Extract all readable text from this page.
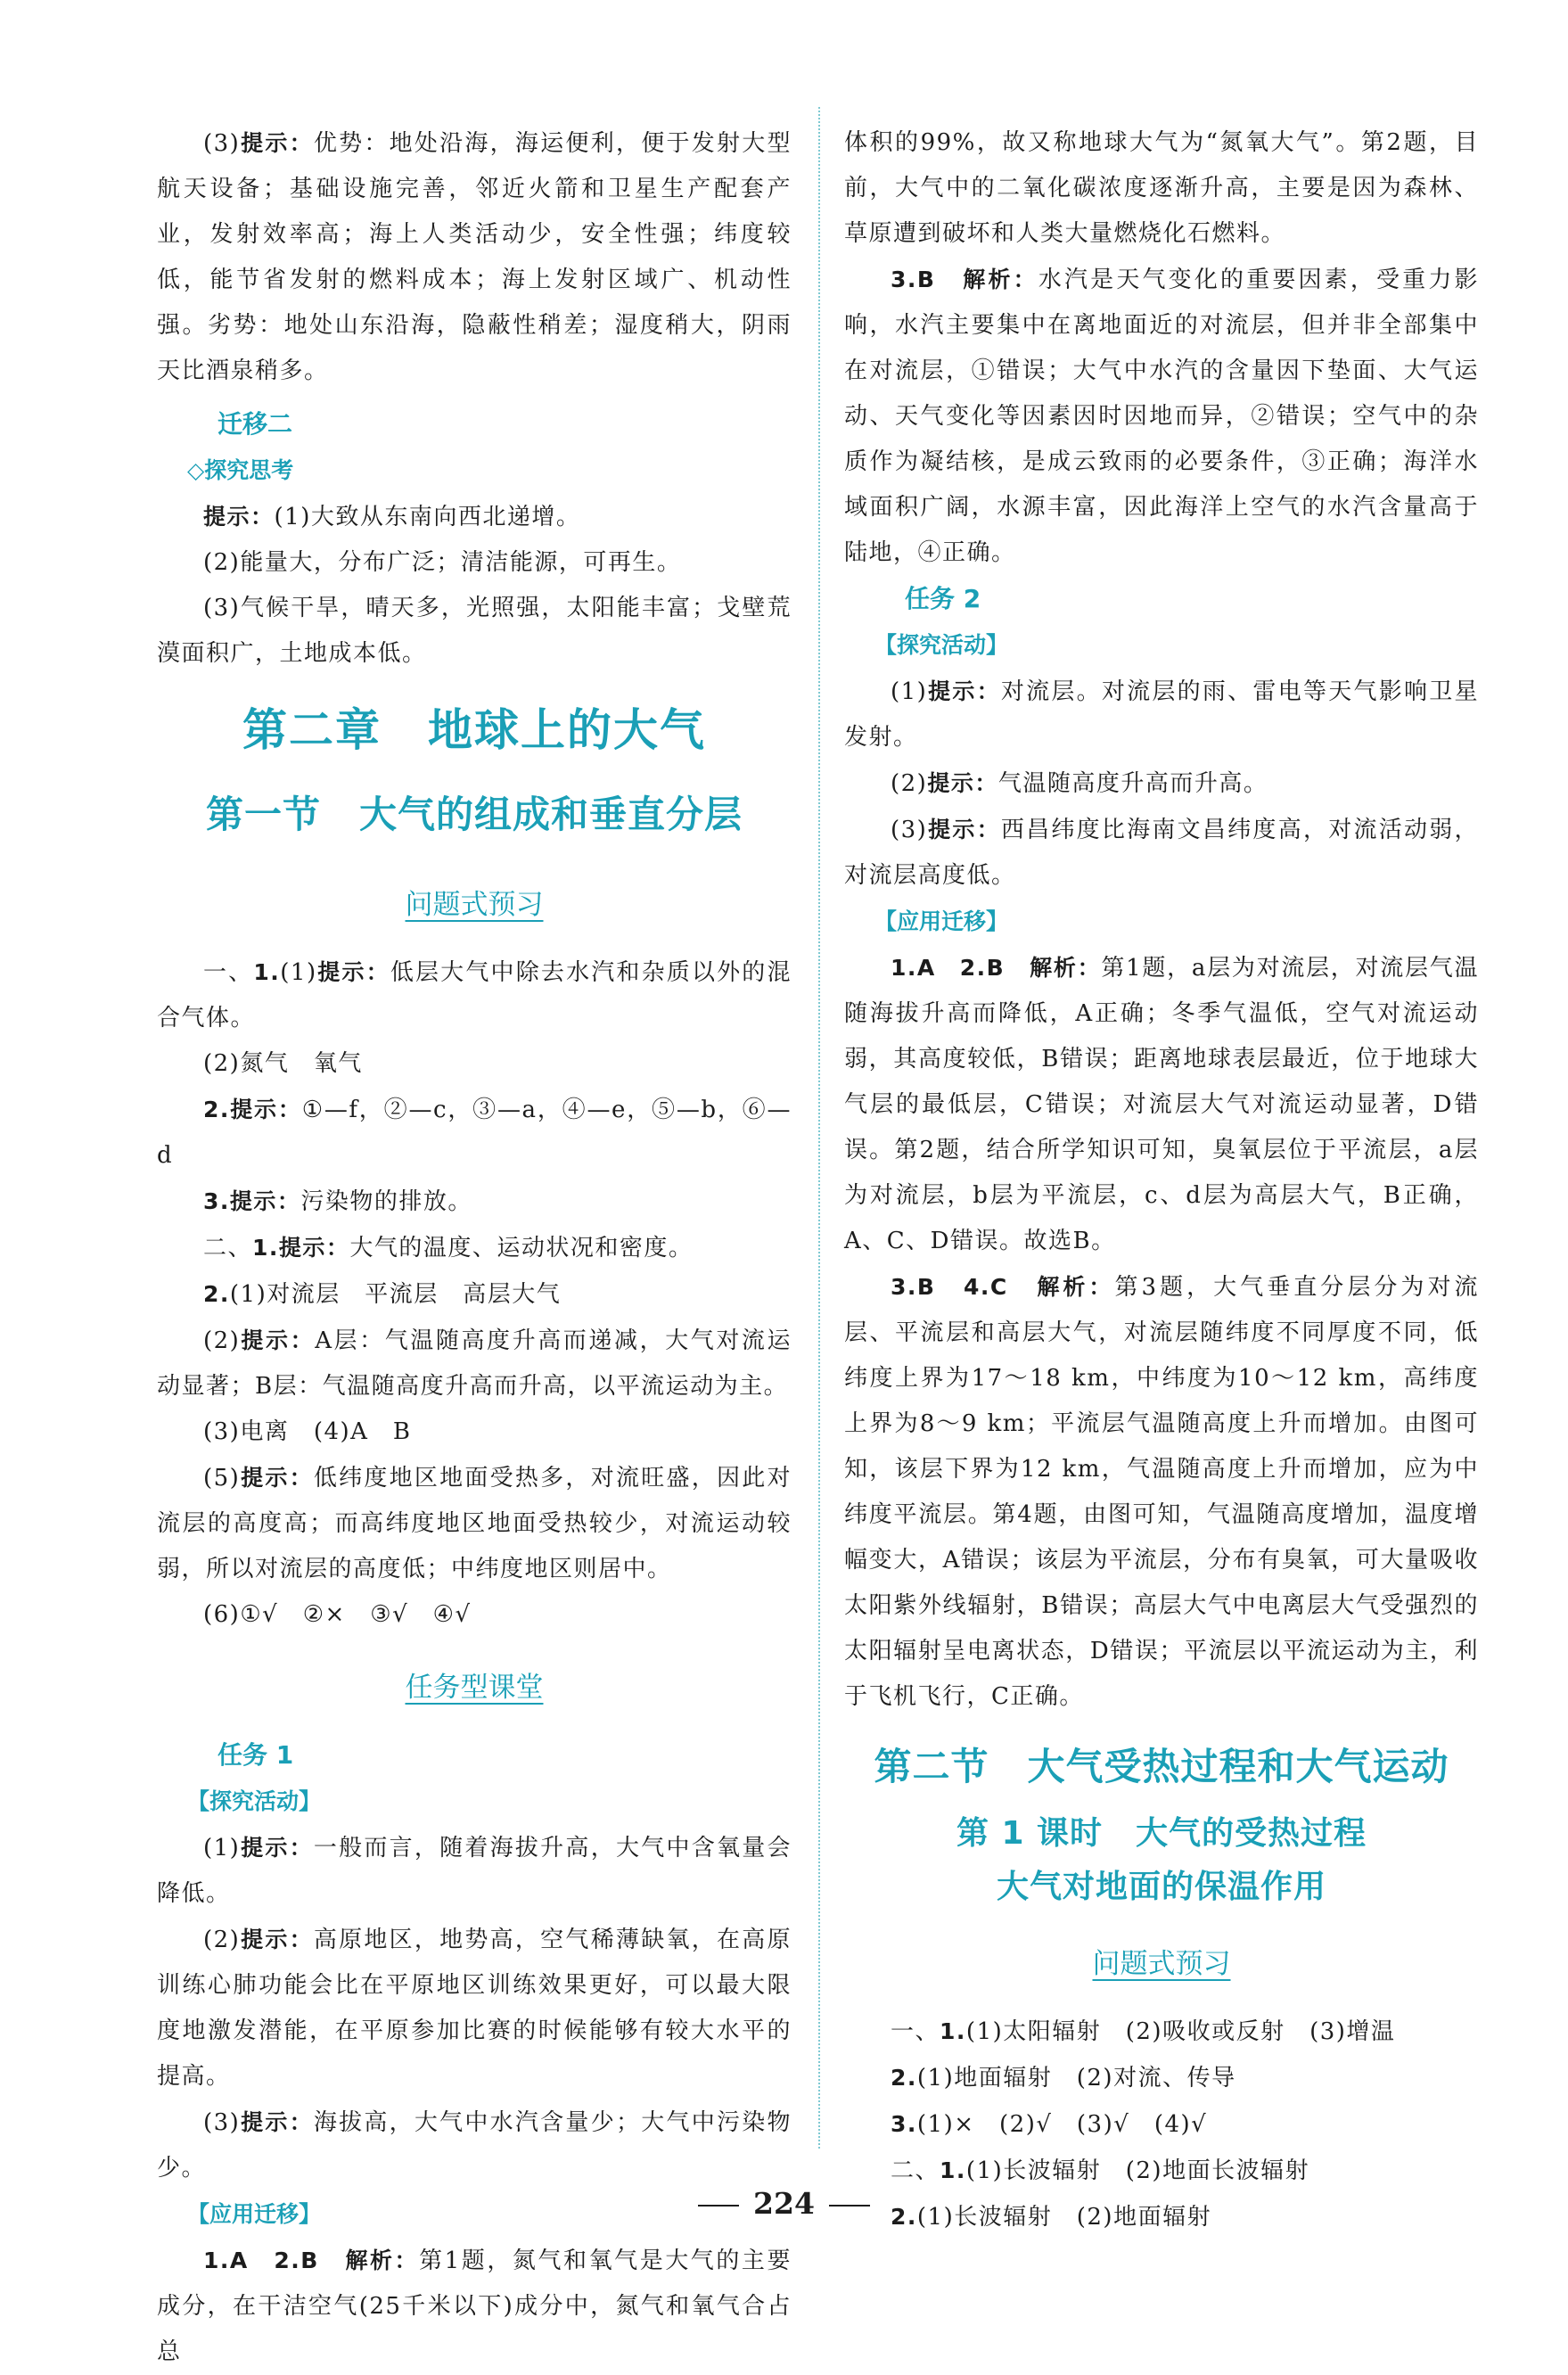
(3)提示：优势：地处沿海，海运便利，便于发射大型航天设备；基础设施完善，邻近火箭和卫星生产配套产业，发射效率高；海上人类活动少，安全性强；纬度较低，能节省发射的燃料成本；海上发射区域广、机动性强。劣势：地处山东沿海，隐蔽性稍差；湿度稍大，阴雨天比酒泉稍多。

迁移二
◇探究思考

提示：(1)大致从东南向西北递增。

(2)能量大，分布广泛；清洁能源，可再生。

(3)气候干旱，晴天多，光照强，太阳能丰富；戈壁荒漠面积广，土地成本低。

第二章　地球上的大气
第一节　大气的组成和垂直分层
问题式预习

一、1.(1)提示：低层大气中除去水汽和杂质以外的混合气体。

(2)氮气　氧气

2.提示：①—f，②—c，③—a，④—e，⑤—b，⑥—d

3.提示：污染物的排放。

二、1.提示：大气的温度、运动状况和密度。

2.(1)对流层　平流层　高层大气

(2)提示：A层：气温随高度升高而递减，大气对流运动显著；B层：气温随高度升高而升高，以平流运动为主。

(3)电离　(4)A　B

(5)提示：低纬度地区地面受热多，对流旺盛，因此对流层的高度高；而高纬度地区地面受热较少，对流运动较弱，所以对流层的高度低；中纬度地区则居中。

(6)①√　②×　③√　④√

任务型课堂
任务 1
【探究活动】

(1)提示：一般而言，随着海拔升高，大气中含氧量会降低。

(2)提示：高原地区，地势高，空气稀薄缺氧，在高原训练心肺功能会比在平原地区训练效果更好，可以最大限度地激发潜能，在平原参加比赛的时候能够有较大水平的提高。

(3)提示：海拔高，大气中水汽含量少；大气中污染物少。

【应用迁移】

1.A　2.B　 解析：第1题，氮气和氧气是大气的主要成分，在干洁空气(25千米以下)成分中，氮气和氧气合占总

体积的99%，故又称地球大气为“氮氧大气”。第2题，目前，大气中的二氧化碳浓度逐渐升高，主要是因为森林、草原遭到破坏和人类大量燃烧化石燃料。

3.B　 解析：水汽是天气变化的重要因素，受重力影响，水汽主要集中在离地面近的对流层，但并非全部集中在对流层，①错误；大气中水汽的含量因下垫面、大气运动、天气变化等因素因时因地而异，②错误；空气中的杂质作为凝结核，是成云致雨的必要条件，③正确；海洋水域面积广阔，水源丰富，因此海洋上空气的水汽含量高于陆地，④正确。

任务 2
【探究活动】

(1)提示：对流层。对流层的雨、雷电等天气影响卫星发射。

(2)提示：气温随高度升高而升高。

(3)提示：西昌纬度比海南文昌纬度高，对流活动弱，对流层高度低。

【应用迁移】

1.A　2.B　 解析：第1题，a层为对流层，对流层气温随海拔升高而降低，A正确；冬季气温低，空气对流运动弱，其高度较低，B错误；距离地球表层最近，位于地球大气层的最低层，C错误；对流层大气对流运动显著，D错误。第2题，结合所学知识可知，臭氧层位于平流层，a层为对流层，b层为平流层，c、d层为高层大气，B正确，A、C、D错误。故选B。

3.B　4.C　 解析：第3题，大气垂直分层分为对流层、平流层和高层大气，对流层随纬度不同厚度不同，低纬度上界为17～18 km，中纬度为10～12 km，高纬度上界为8～9 km；平流层气温随高度上升而增加。由图可知，该层下界为12 km，气温随高度上升而增加，应为中纬度平流层。第4题，由图可知，气温随高度增加，温度增幅变大，A错误；该层为平流层，分布有臭氧，可大量吸收太阳紫外线辐射，B错误；高层大气中电离层大气受强烈的太阳辐射呈电离状态，D错误；平流层以平流运动为主，利于飞机飞行，C正确。

第二节　大气受热过程和大气运动
第 1 课时　大气的受热过程
大气对地面的保温作用
问题式预习

一、1.(1)太阳辐射　(2)吸收或反射　(3)增温

2.(1)地面辐射　(2)对流、传导

3.(1)×　(2)√　(3)√　(4)√

二、1.(1)长波辐射　(2)地面长波辐射

2.(1)长波辐射　(2)地面辐射

224
